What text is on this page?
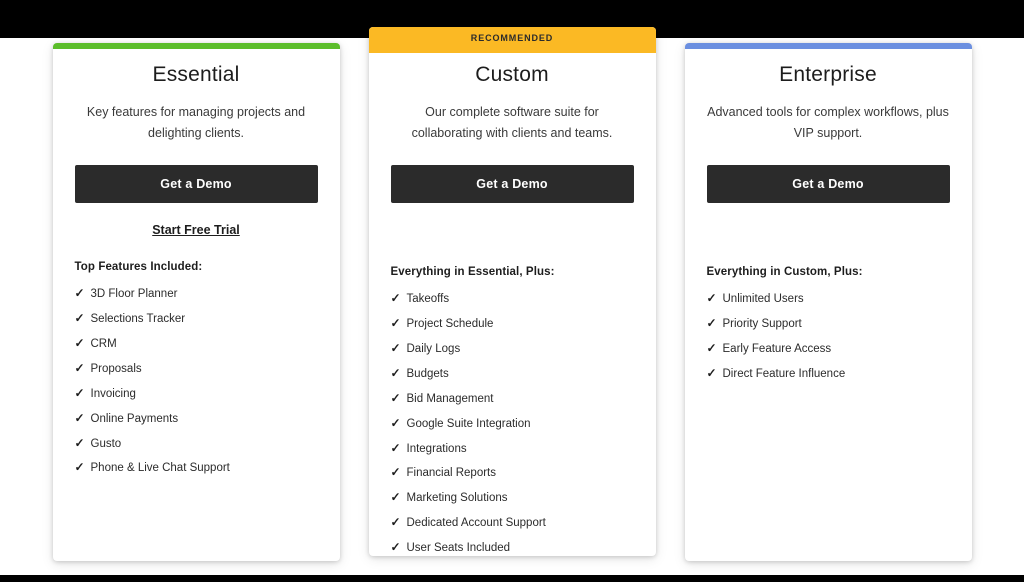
Essential

Key features for managing projects and delighting clients.

Get a Demo
Start Free Trial
Top Features Included:
✓ 3D Floor Planner
✓ Selections Tracker
✓ CRM
✓ Proposals
✓ Invoicing
✓ Online Payments
✓ Gusto
✓ Phone & Live Chat Support
RECOMMENDED
Custom

Our complete software suite for collaborating with clients and teams.

Get a Demo
Everything in Essential, Plus:
✓ Takeoffs
✓ Project Schedule
✓ Daily Logs
✓ Budgets
✓ Bid Management
✓ Google Suite Integration
✓ Integrations
✓ Financial Reports
✓ Marketing Solutions
✓ Dedicated Account Support
✓ User Seats Included
Enterprise

Advanced tools for complex workflows, plus VIP support.

Get a Demo
Everything in Custom, Plus:
✓ Unlimited Users
✓ Priority Support
✓ Early Feature Access
✓ Direct Feature Influence
